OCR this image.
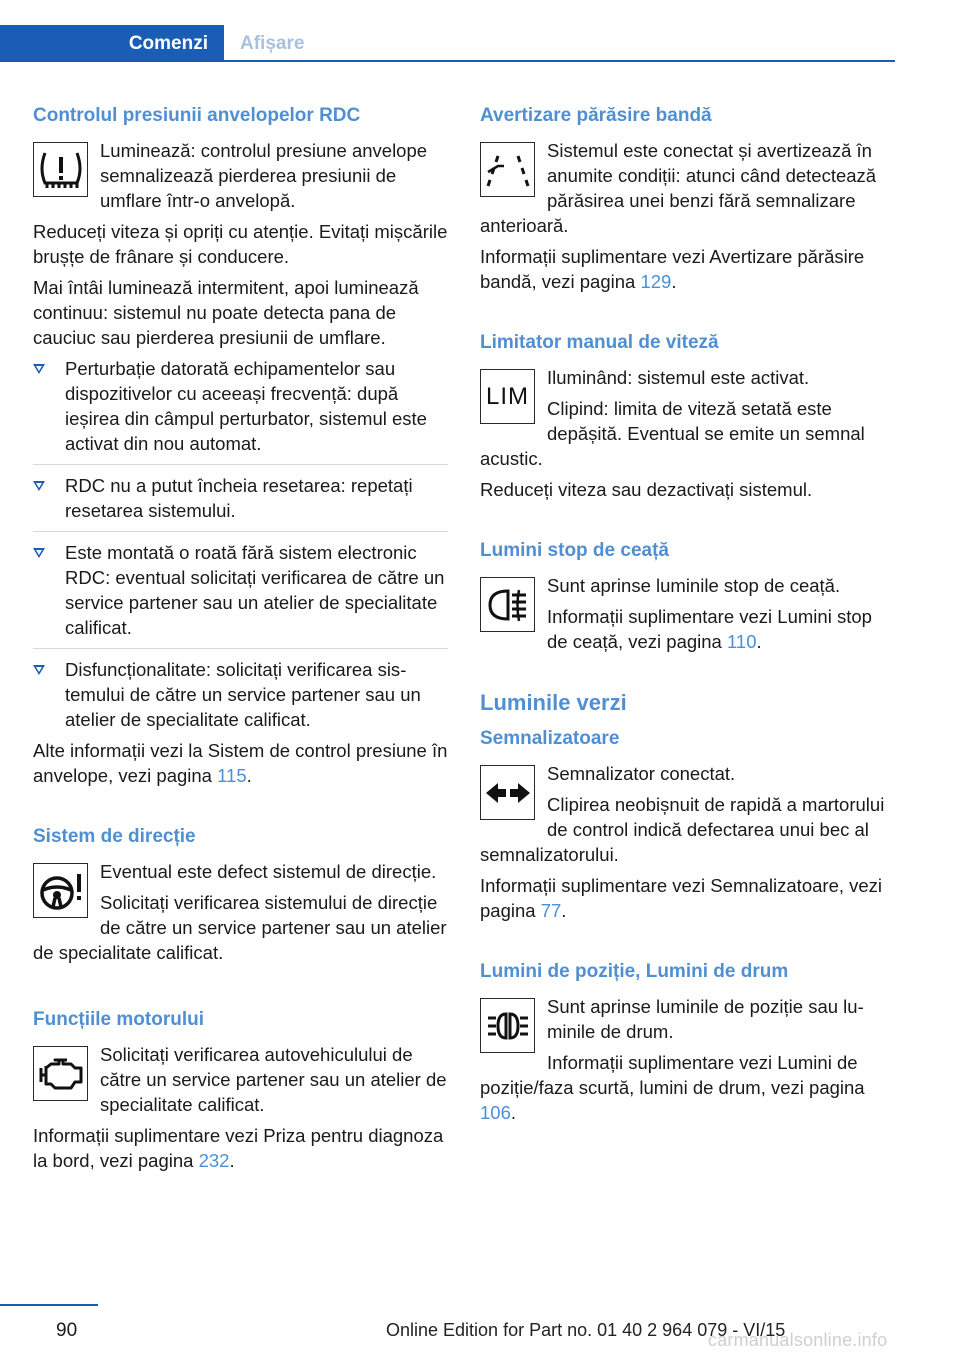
Comenzi	Afișare
Controlul presiunii anvelopelor RDC
Luminează: controlul presiune anvelope semnalizează pierderea presiunii de umflare într-o anvelopă.
Reduceți viteza și opriți cu atenție. Evitați mișcările brușțe de frânare și conducere.
Mai întâi luminează intermitent, apoi luminează continuu: sistemul nu poate detecta pana de cauciuc sau pierderea presiunii de umflare.
Perturbație datorată echipamentelor sau dispozitivelor cu aceeași frecvență: după ieșirea din câmpul perturbator, sistemul este activat din nou automat.
RDC nu a putut încheia resetarea: repetați resetarea sistemului.
Este montată o roată fără sistem electronic RDC: eventual solicitați verificarea de către un service partener sau un atelier de specialitate calificat.
Disfuncționalitate: solicitați verificarea sistemului de către un service partener sau un atelier de specialitate calificat.
Alte informații vezi la Sistem de control presiune în anvelope, vezi pagina 115.
Sistem de direcție
Eventual este defect sistemul de direcție.
Solicitați verificarea sistemului de direcție de către un service partener sau un atelier de specialitate calificat.
Funcțiile motorului
Solicitați verificarea autovehiculului de către un service partener sau un atelier de specialitate calificat.
Informații suplimentare vezi Priza pentru diagnoza la bord, vezi pagina 232.
Avertizare părăsire bandă
Sistemul este conectat și avertizează în anumite condiții: atunci când detectează părăsirea unei benzi fără semnalizare anterioară.
Informații suplimentare vezi Avertizare părăsire bandă, vezi pagina 129.
Limitator manual de viteză
LIM
Iluminând: sistemul este activat.
Clipind: limita de viteză setată este depășită. Eventual se emite un semnal acustic.
Reduceți viteza sau dezactivați sistemul.
Lumini stop de ceață
Sunt aprinse luminile stop de ceață.
Informații suplimentare vezi Lumini stop de ceață, vezi pagina 110.
Luminile verzi
Semnalizatoare
Semnalizator conectat.
Clipirea neobișnuit de rapidă a martorului de control indică defectarea unui bec al semnalizatorului.
Informații suplimentare vezi Semnalizatoare, vezi pagina 77.
Lumini de poziție, Lumini de drum
Sunt aprinse luminile de poziție sau luminile de drum.
Informații suplimentare vezi Lumini de poziție/faza scurtă, lumini de drum, vezi pagina 106.
90	Online Edition for Part no. 01 40 2 964 079 - VI/15
carmanualsonline.info
